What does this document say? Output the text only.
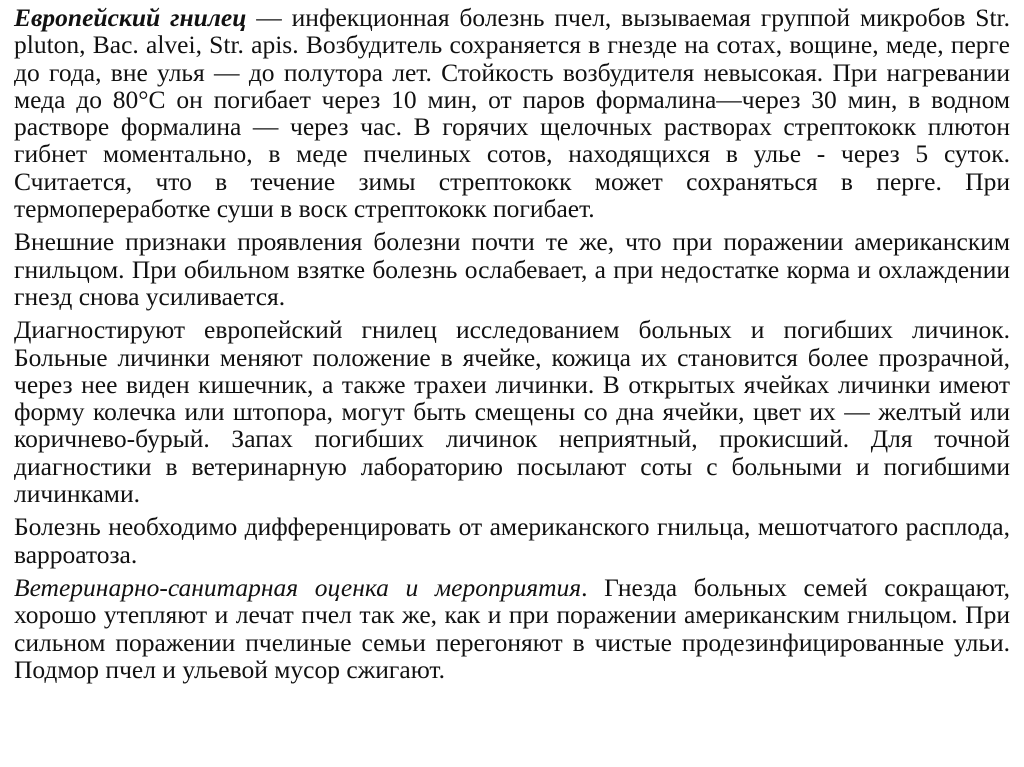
Европейский гнилец — инфекционная болезнь пчел, вызываемая группой микробов Str. pluton, Bac. alvei, Str. apis. Возбудитель сохраняется в гнезде на сотах, вощине, меде, перге до года, вне улья — до полутора лет. Стойкость возбудителя невысокая. При нагревании меда до 80°С он погибает через 10 мин, от паров формалина—через 30 мин, в водном растворе формалина — через час. В горячих щелочных растворах стрептококк плютон гибнет моментально, в меде пчелиных сотов, находящихся в улье - через 5 суток. Считается, что в течение зимы стрептококк может сохраняться в перге. При термопереработке суши в воск стрептококк погибает.

Внешние признаки проявления болезни почти те же, что при поражении американским гнильцом. При обильном взятке болезнь ослабевает, а при недостатке корма и охлаждении гнезд снова усиливается.

Диагностируют европейский гнилец исследованием больных и погибших личинок. Больные личинки меняют положение в ячейке, кожица их становится более прозрачной, через нее виден кишечник, а также трахеи личинки. В открытых ячейках личинки имеют форму колечка или штопора, могут быть смещены со дна ячейки, цвет их — желтый или коричнево-бурый. Запах погибших личинок неприятный, прокисший. Для точной диагностики в ветеринарную лабораторию посылают соты с больными и погибшими личинками.

Болезнь необходимо дифференцировать от американского гнильца, мешотчатого расплода, варроатоза.

Ветеринарно-санитарная оценка и мероприятия. Гнезда больных семей сокращают, хорошо утепляют и лечат пчел так же, как и при поражении американским гнильцом. При сильном поражении пчелиные семьи перегоняют в чистые продезинфицированные ульи. Подмор пчел и ульевой мусор сжигают.
